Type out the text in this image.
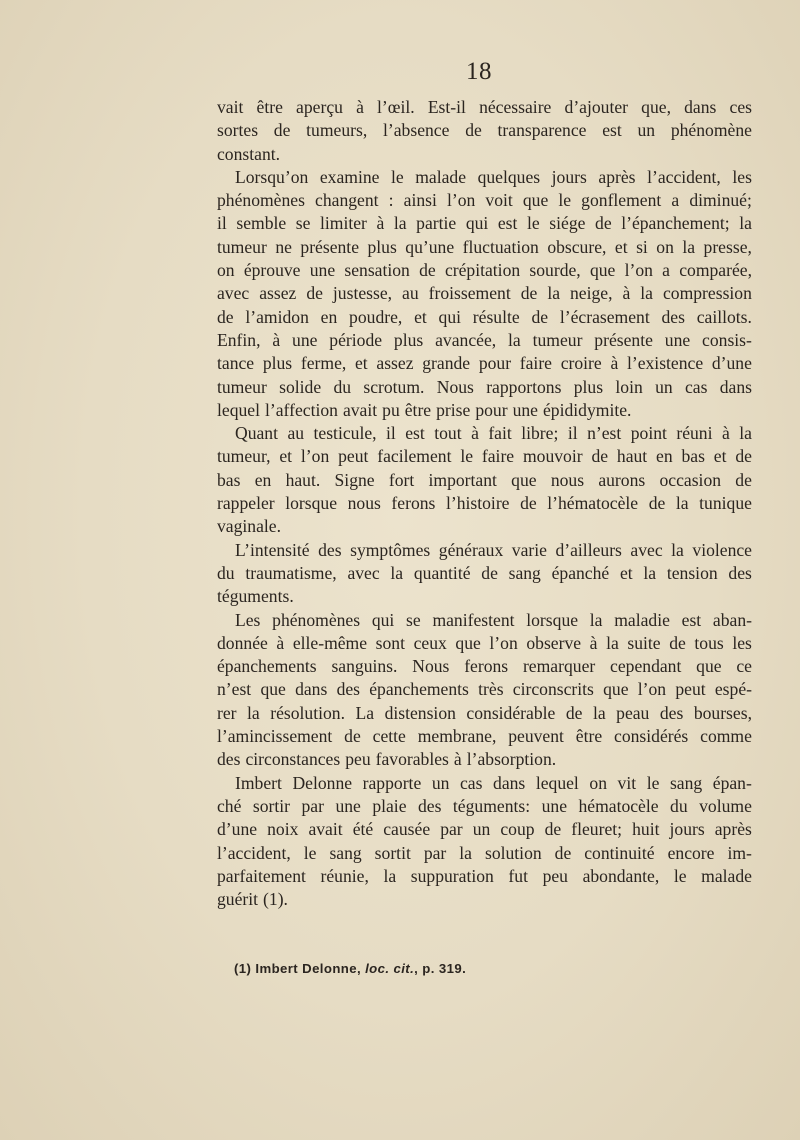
18
vait être aperçu à l’œil. Est-il nécessaire d’ajouter que, dans ces
sortes de tumeurs, l’absence de transparence est un phénomène
constant.
Lorsqu’on examine le malade quelques jours après l’accident, les
phénomènes changent : ainsi l’on voit que le gonflement a diminué;
il semble se limiter à la partie qui est le siége de l’épanchement; la
tumeur ne présente plus qu’une fluctuation obscure, et si on la presse,
on éprouve une sensation de crépitation sourde, que l’on a comparée,
avec assez de justesse, au froissement de la neige, à la compression
de l’amidon en poudre, et qui résulte de l’écrasement des caillots.
Enfin, à une période plus avancée, la tumeur présente une consis-
tance plus ferme, et assez grande pour faire croire à l’existence d’une
tumeur solide du scrotum. Nous rapportons plus loin un cas dans
lequel l’affection avait pu être prise pour une épididymite.
Quant au testicule, il est tout à fait libre; il n’est point réuni à la
tumeur, et l’on peut facilement le faire mouvoir de haut en bas et de
bas en haut. Signe fort important que nous aurons occasion de
rappeler lorsque nous ferons l’histoire de l’hématocèle de la tunique
vaginale.
L’intensité des symptômes généraux varie d’ailleurs avec la violence
du traumatisme, avec la quantité de sang épanché et la tension des
téguments.
Les phénomènes qui se manifestent lorsque la maladie est aban-
donnée à elle-même sont ceux que l’on observe à la suite de tous les
épanchements sanguins. Nous ferons remarquer cependant que ce
n’est que dans des épanchements très circonscrits que l’on peut espé-
rer la résolution. La distension considérable de la peau des bourses,
l’amincissement de cette membrane, peuvent être considérés comme
des circonstances peu favorables à l’absorption.
Imbert Delonne rapporte un cas dans lequel on vit le sang épan-
ché sortir par une plaie des téguments: une hématocèle du volume
d’une noix avait été causée par un coup de fleuret; huit jours après
l’accident, le sang sortit par la solution de continuité encore im-
parfaitement réunie, la suppuration fut peu abondante, le malade
guérit (1).
(1) Imbert Delonne, loc. cit., p. 319.
